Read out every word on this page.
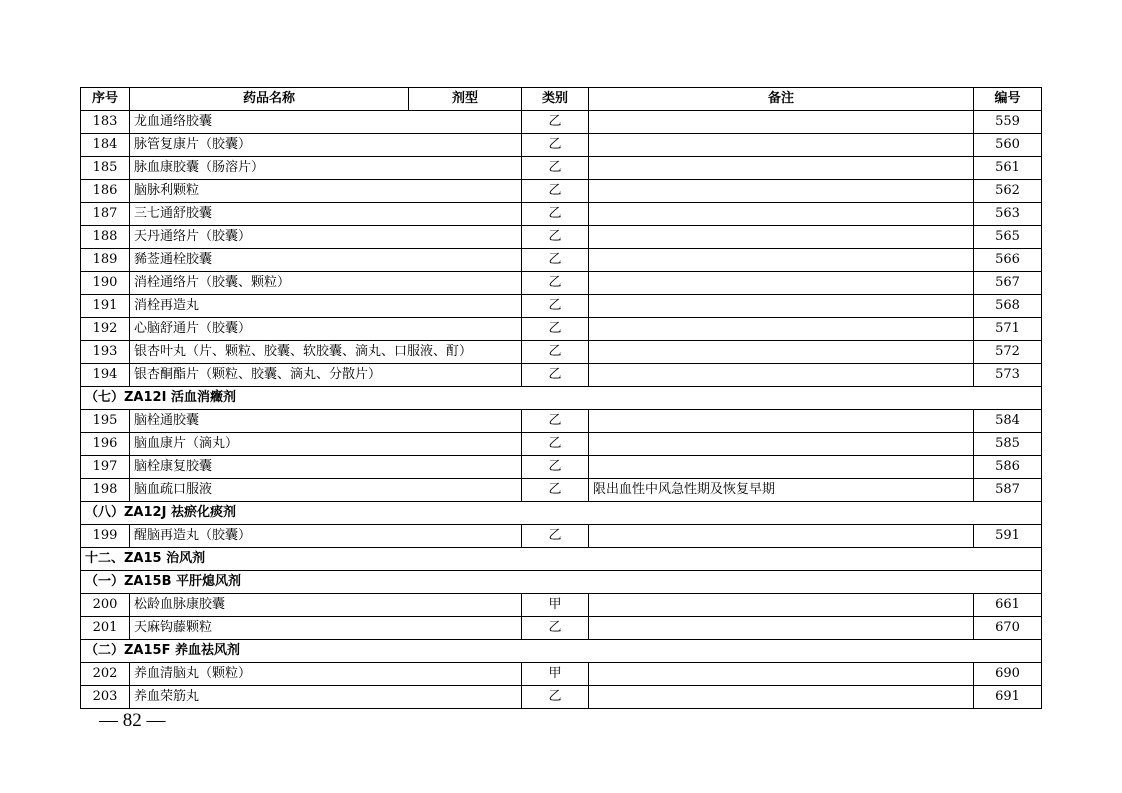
序号	药品名称	剂型	类别	备注	编号
183	龙血通络胶囊		乙		559
184	脉管复康片（胶囊）		乙		560
185	脉血康胶囊（肠溶片）		乙		561
186	脑脉利颗粒		乙		562
187	三七通舒胶囊		乙		563
188	天丹通络片（胶囊）		乙		565
189	豨莶通栓胶囊		乙		566
190	消栓通络片（胶囊、颗粒）		乙		567
191	消栓再造丸		乙		568
192	心脑舒通片（胶囊）		乙		571
193	银杏叶丸（片、颗粒、胶囊、软胶囊、滴丸、口服液、酊）		乙		572
194	银杏酮酯片（颗粒、胶囊、滴丸、分散片）		乙		573
（七）ZA12I 活血消癥剂					
195	脑栓通胶囊		乙		584
196	脑血康片（滴丸）		乙		585
197	脑栓康复胶囊		乙		586
198	脑血疏口服液		乙	限出血性中风急性期及恢复早期	587
（八）ZA12J 祛瘀化痰剂					
199	醒脑再造丸（胶囊）		乙		591
十二、ZA15 治风剂					
（一）ZA15B 平肝熄风剂					
200	松龄血脉康胶囊		甲		661
201	天麻钩藤颗粒		乙		670
（二）ZA15F 养血祛风剂					
202	养血清脑丸（颗粒）		甲		690
203	养血荣筋丸		乙		691
— 82 —
